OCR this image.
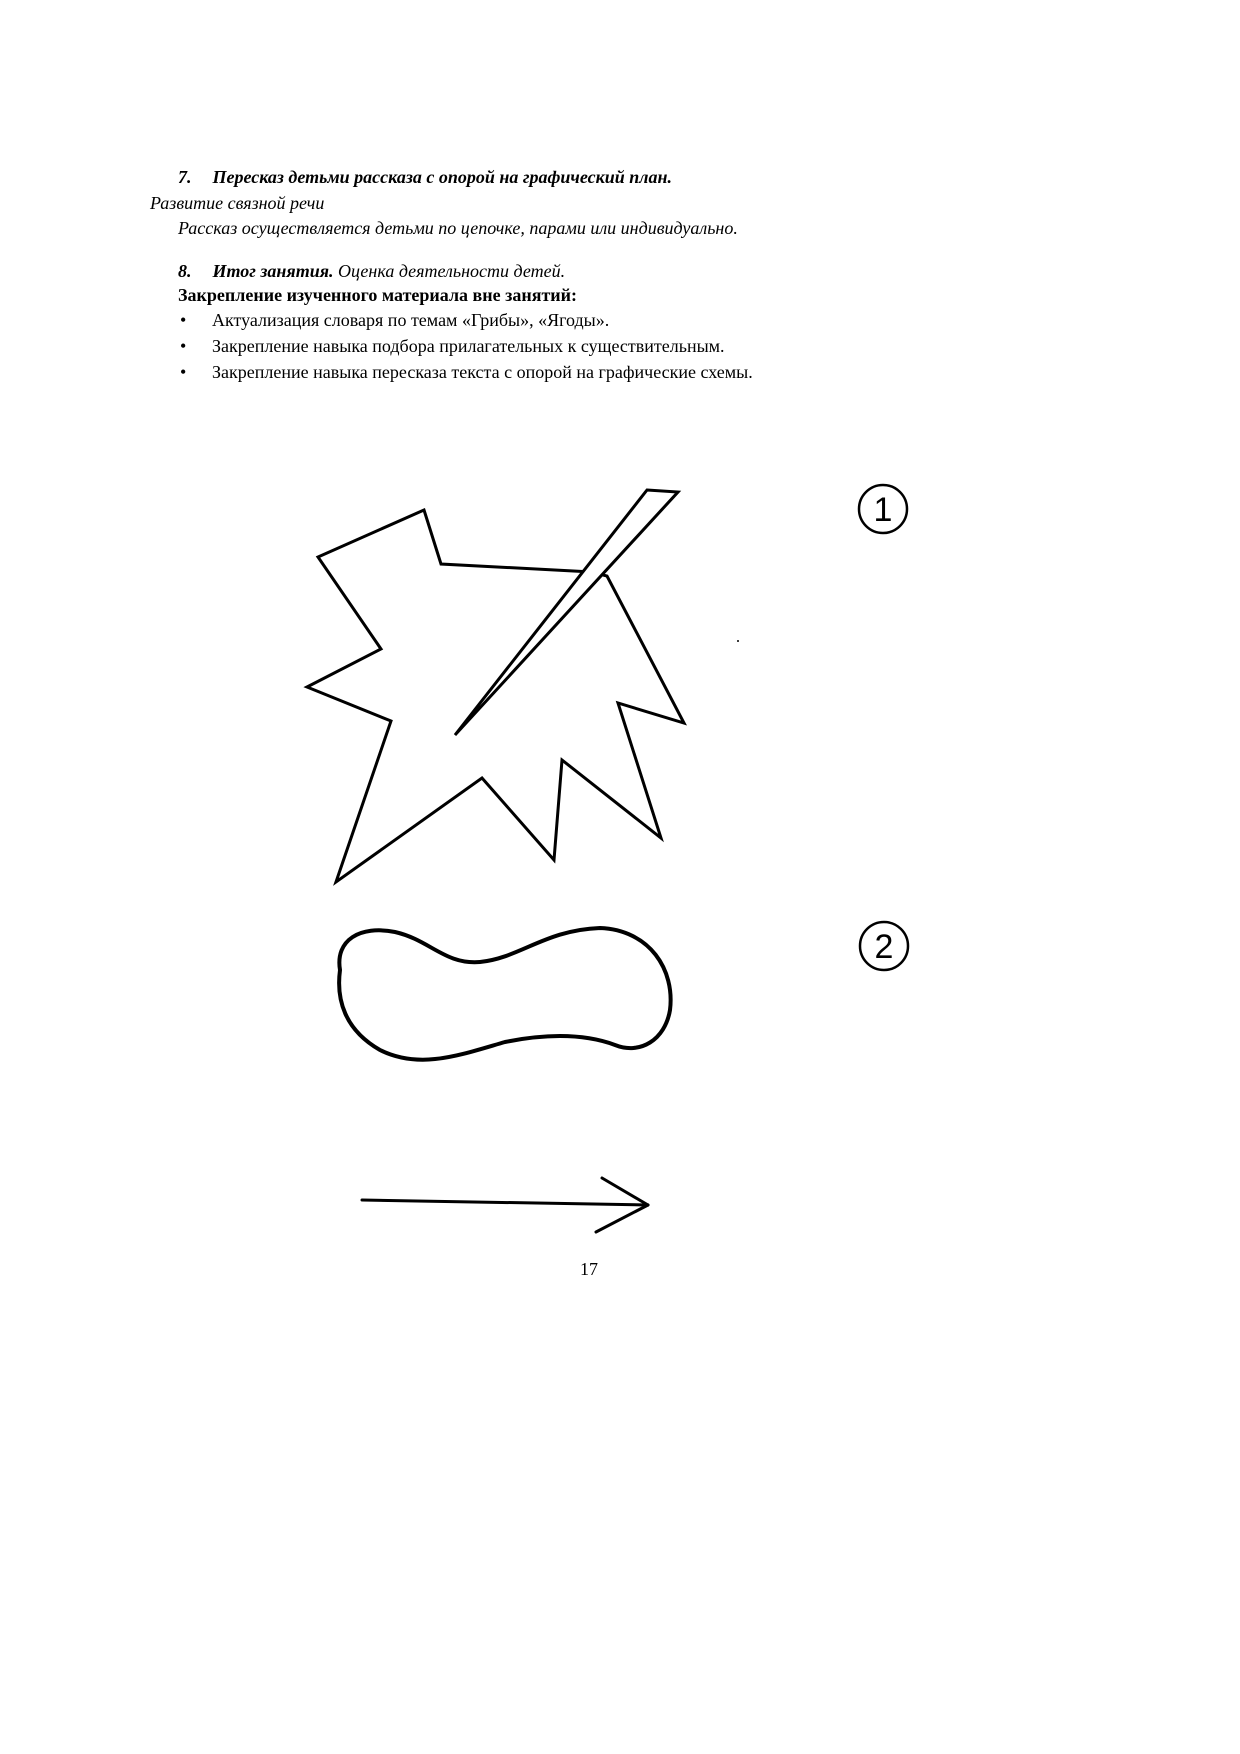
7. Пересказ детьми рассказа с опорой на графический план.
Развитие связной речи
Рассказ осуществляется детьми по цепочке, парами или индивидуально.
8. Итог занятия. Оценка деятельности детей.
Закрепление изученного материала вне занятий:
• Актуализация словаря по темам «Грибы», «Ягоды».
• Закрепление навыка подбора прилагательных к существительным.
• Закрепление навыка пересказа текста с опорой на графические схемы.
1
2
17
